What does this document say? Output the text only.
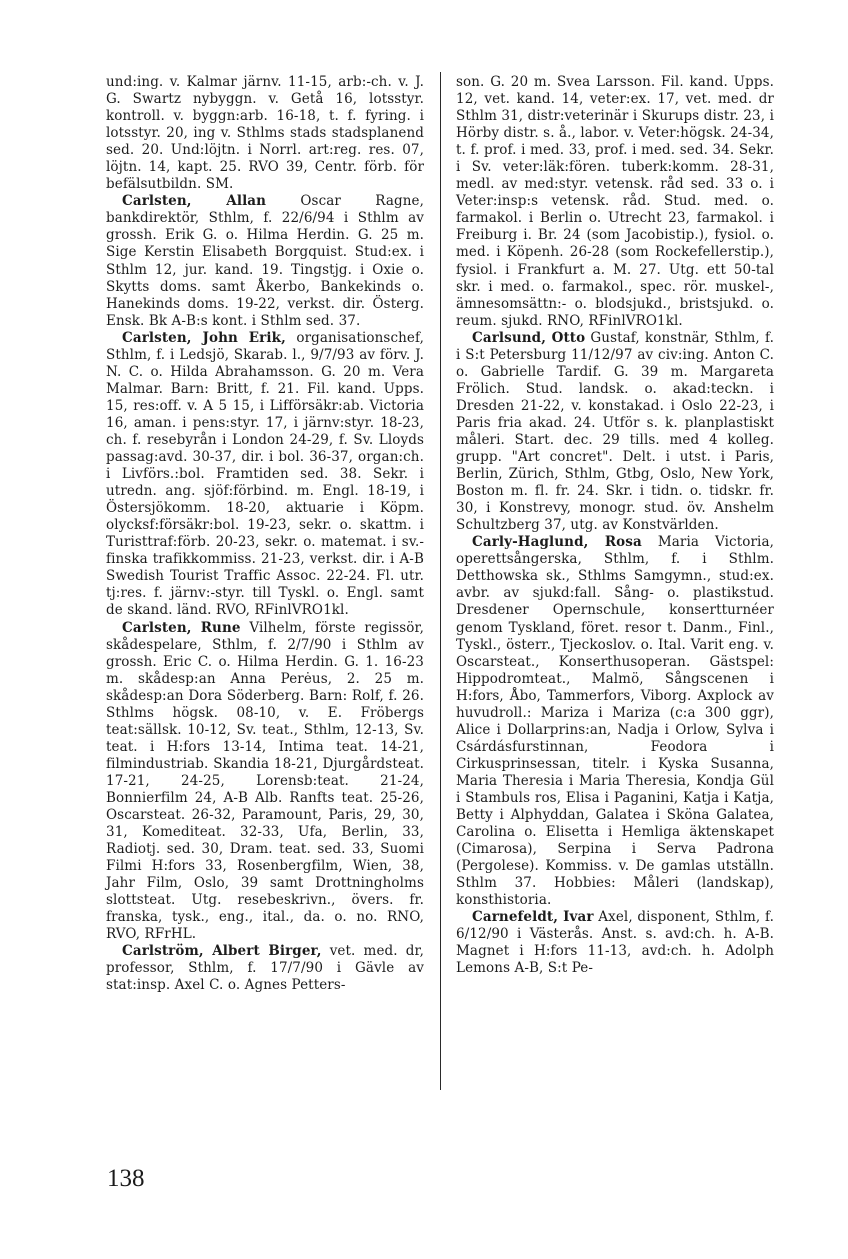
und:ing. v. Kalmar järnv. 11-15, arb:-ch. v. J. G. Swartz nybyggn. v. Getå 16, lotsstyr. kontroll. v. byggn:arb. 16-18, t. f. fyring. i lotsstyr. 20, ing v. Sthlms stads stadsplanend sed. 20. Und:löjtn. i Norrl. art:reg. res. 07, löjtn. 14, kapt. 25. RVO 39, Centr. förb. för befälsutbildn. SM.

Carlsten, Allan	Oscar Ragne, bankdirektör, Sthlm, f. 22/6/94 i Sthlm av grossh. Erik G. o. Hilma Herdin. G. 25 m. Sige Kerstin Elisabeth Borgquist. Stud:ex. i Sthlm 12, jur. kand. 19. Tingstjg. i Oxie o. Skytts doms. samt Åkerbo, Bankekinds o. Hanekinds doms. 19-22, verkst. dir. Österg. Ensk. Bk A-B:s kont. i Sthlm sed. 37.

Carlsten, John Erik, organisationschef, Sthlm, f. i Ledsjö, Skarab. l., 9/7/93 av förv. J. N. C. o. Hilda Abrahamsson. G. 20 m. Vera Malmar. Barn: Britt, f. 21. Fil. kand. Upps. 15, res:off. v. A 5 15, i Lifförsäkr:ab. Victoria 16, aman. i pens:styr. 17, i järnv:styr. 18-23, ch. f. resebyrån i London 24-29, f. Sv. Lloyds passag:avd. 30-37, dir. i bol. 36-37, organ:ch. i Livförs.:bol. Framtiden sed. 38. Sekr. i utredn. ang. sjöf:förbind. m. Engl. 18-19, i Östersjökomm. 18-20, aktuarie i Köpm. olycksf:försäkr:bol. 19-23, sekr. o. skattm. i Turisttraf:förb. 20-23, sekr. o. matemat. i sv.-finska trafikkommiss. 21-23, verkst. dir. i A-B Swedish Tourist Traffic Assoc. 22-24. Fl. utr. tj:res. f. järnv:-styr. till Tyskl. o. Engl. samt de skand. länd. RVO, RFinlVRO1kl.

Carlsten, Rune Vilhelm, förste regissör, skådespelare, Sthlm, f. 2/7/90 i Sthlm av grossh. Eric C. o. Hilma Herdin. G. 1. 16-23 m. skådesp:an Anna Perėus, 2. 25 m. skådesp:an Dora Söderberg. Barn: Rolf, f. 26. Sthlms högsk. 08-10, v. E. Fröbergs teat:sällsk. 10-12, Sv. teat., Sthlm, 12-13, Sv. teat. i H:fors 13-14, Intima teat. 14-21, filmindustriab. Skandia 18-21, Djurgårdsteat. 17-21, 24-25, Lorensb:teat. 21-24, Bonnierfilm 24, A-B Alb. Ranfts teat. 25-26, Oscarsteat. 26-32, Paramount, Paris, 29, 30, 31, Komediteat. 32-33, Ufa, Berlin, 33, Radiotj. sed. 30, Dram. teat. sed. 33, Suomi Filmi H:fors 33, Rosenbergfilm, Wien, 38, Jahr Film, Oslo, 39 samt Drottningholms slottsteat. Utg. resebeskrivn., övers. fr. franska, tysk., eng., ital., da. o. no. RNO, RVO, RFrHL.

Carlström, Albert Birger, vet. med. dr, professor, Sthlm, f. 17/7/90 i Gävle av stat:insp. Axel C. o. Agnes Petters-

son. G. 20 m. Svea Larsson. Fil. kand. Upps. 12, vet. kand. 14, veter:ex. 17, vet. med. dr Sthlm 31, distr:veterinär i Skurups distr. 23, i Hörby distr. s. å., labor. v. Veter:högsk. 24-34, t. f. prof. i med. 33, prof. i med. sed. 34. Sekr. i Sv. veter:läk:fören. tuberk:komm. 28-31, medl. av med:styr. vetensk. råd sed. 33 o. i Veter:insp:s vetensk. råd. Stud. med. o. farmakol. i Berlin o. Utrecht 23, farmakol. i Freiburg i. Br. 24 (som Jacobistip.), fysiol. o. med. i Köpenh. 26-28 (som Rockefellerstip.), fysiol. i Frankfurt a. M. 27. Utg. ett 50-tal skr. i med. o. farmakol., spec. rör. muskel-, ämnesomsättn:- o. blodsjukd., bristsjukd. o. reum. sjukd. RNO, RFinlVRO1kl.

Carlsund, Otto Gustaf, konstnär, Sthlm, f. i S:t Petersburg 11/12/97 av civ:ing. Anton C. o. Gabrielle Tardif. G. 39 m. Margareta Frölich. Stud. landsk. o. akad:teckn. i Dresden 21-22, v. konstakad. i Oslo 22-23, i Paris fria akad. 24. Utför s. k. planplastiskt måleri. Start. dec. 29 tills. med 4 kolleg. grupp. "Art concret". Delt. i utst. i Paris, Berlin, Zürich, Sthlm, Gtbg, Oslo, New York, Boston m. fl. fr. 24. Skr. i tidn. o. tidskr. fr. 30, i Konstrevy, monogr. stud. öv. Anshelm Schultzberg 37, utg. av Konstvärlden.

Carly-Haglund, Rosa Maria Victoria, operettsångerska, Sthlm, f. i Sthlm. Detthowska sk., Sthlms Samgymn., stud:ex. avbr. av sjukd:fall. Sång- o. plastikstud. Dresdener Opernschule, konsertturnéer genom Tyskland, föret. resor t. Danm., Finl., Tyskl., österr., Tjeckoslov. o. Ital. Varit eng. v. Oscarsteat., Konserthusoperan. Gästspel: Hippodromteat., Malmö, Sångscenen i H:fors, Åbo, Tammerfors, Viborg. Axplock av huvudroll.: Mariza i Mariza (c:a 300 ggr), Alice i Dollarprins:an, Nadja i Orlow, Sylva i Csárdásfurstinnan, Feodora i Cirkusprinsessan, titelr. i Kyska Susanna, Maria Theresia i Maria Theresia, Kondja Gül i Stambuls ros, Elisa i Paganini, Katja i Katja, Betty i Alphyddan, Galatea i Sköna Galatea, Carolina o. Elisetta i Hemliga äktenskapet (Cimarosa), Serpina i Serva Padrona (Pergolese). Kommiss. v. De gamlas utställn. Sthlm 37. Hobbies: Måleri (landskap), konsthistoria.

Carnefeldt, Ivar Axel, disponent, Sthlm, f. 6/12/90 i Västerås. Anst. s. avd:ch. h. A-B. Magnet i H:fors 11-13, avd:ch. h. Adolph Lemons A-B, S:t Pe-

138
